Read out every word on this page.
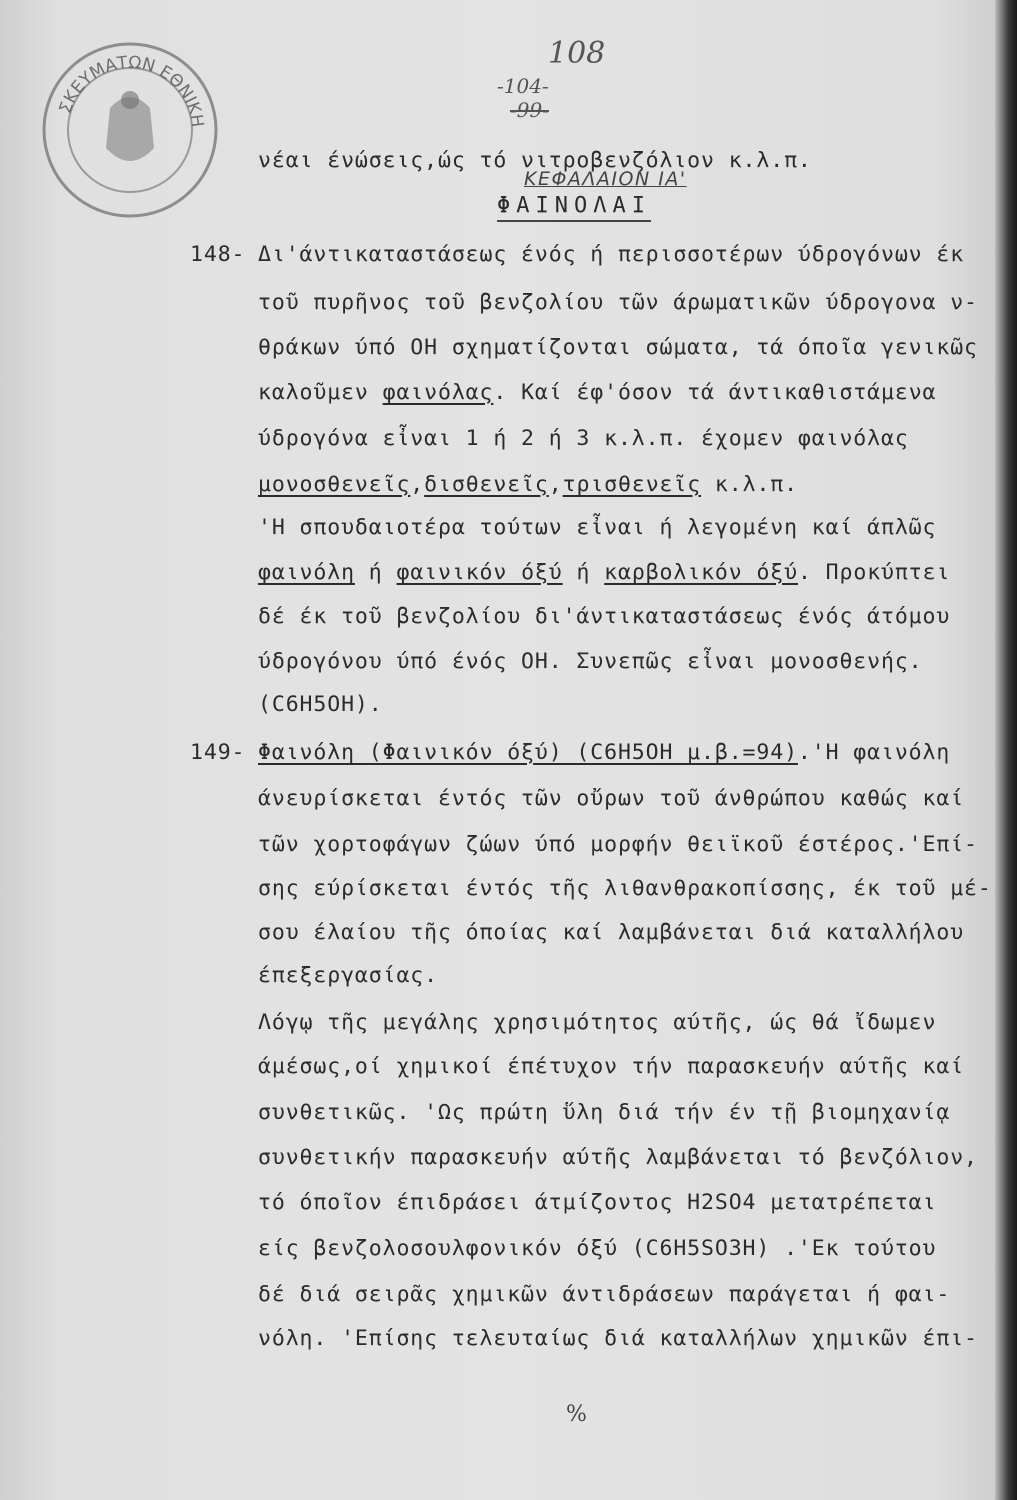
ΣΚΕΥΜΑΤΩΝ ΕΘΝΙΚΗ
108
-104-
-99-
νέαι ένώσεις,ώς τό νιτροβενζόλιον κ.λ.π.
ΚΕΦΑΛΑΙΟΝ ΙΑ'
ΦΑΙΝΟΛΑΙ
148- Δι'άντικαταστάσεως ένός ή περισσοτέρων ύδρογόνων έκ
τοῦ πυρῆνος τοῦ βενζολίου τῶν άρωματικῶν ύδρογονα ν-
θράκων ύπό ΟΗ σχηματίζονται σώματα, τά όποῖα γενικῶς
καλοῦμεν φαινόλας. Καί έφ'όσον τά άντικαθιστάμενα
ύδρογόνα εἶναι 1 ή 2 ή 3 κ.λ.π. έχομεν φαινόλας
μονοσθενεῖς,δισθενεῖς,τρισθενεῖς κ.λ.π.
'Η σπουδαιοτέρα τούτων εἶναι ή λεγομένη καί άπλῶς
φαινόλη ή φαινικόν όξύ ή καρβολικόν όξύ. Προκύπτει
δέ έκ τοῦ βενζολίου δι'άντικαταστάσεως ένός άτόμου
ύδρογόνου ύπό ένός ΟΗ. Συνεπῶς εἶναι μονοσθενής.
(C6H5OH).
149- Φαινόλη (Φαινικόν όξύ) (C6H5OH μ.β.=94).'Η φαινόλη
άνευρίσκεται έντός τῶν οὔρων τοῦ άνθρώπου καθώς καί
τῶν χορτοφάγων ζώων ύπό μορφήν θειϊκοῦ έστέρος.'Επί-
σης εύρίσκεται έντός τῆς λιθανθρακοπίσσης, έκ τοῦ μέ-
σου έλαίου τῆς όποίας καί λαμβάνεται διά καταλλήλου
έπεξεργασίας.
Λόγῳ τῆς μεγάλης χρησιμότητος αύτῆς, ώς θά ἴδωμεν
άμέσως,οί χημικοί έπέτυχον τήν παρασκευήν αύτῆς καί
συνθετικῶς. 'Ως πρώτη ὕλη διά τήν έν τῇ βιομηχανίᾳ
συνθετικήν παρασκευήν αύτῆς λαμβάνεται τό βενζόλιον,
τό όποῖον έπιδράσει άτμίζοντος H2SO4 μετατρέπεται
είς βενζολοσουλφονικόν όξύ (C6H5SO3H) .'Εκ τούτου
δέ διά σειρᾶς χημικῶν άντιδράσεων παράγεται ή φαι-
νόλη. 'Επίσης τελευταίως διά καταλλήλων χημικῶν έπι-
%
